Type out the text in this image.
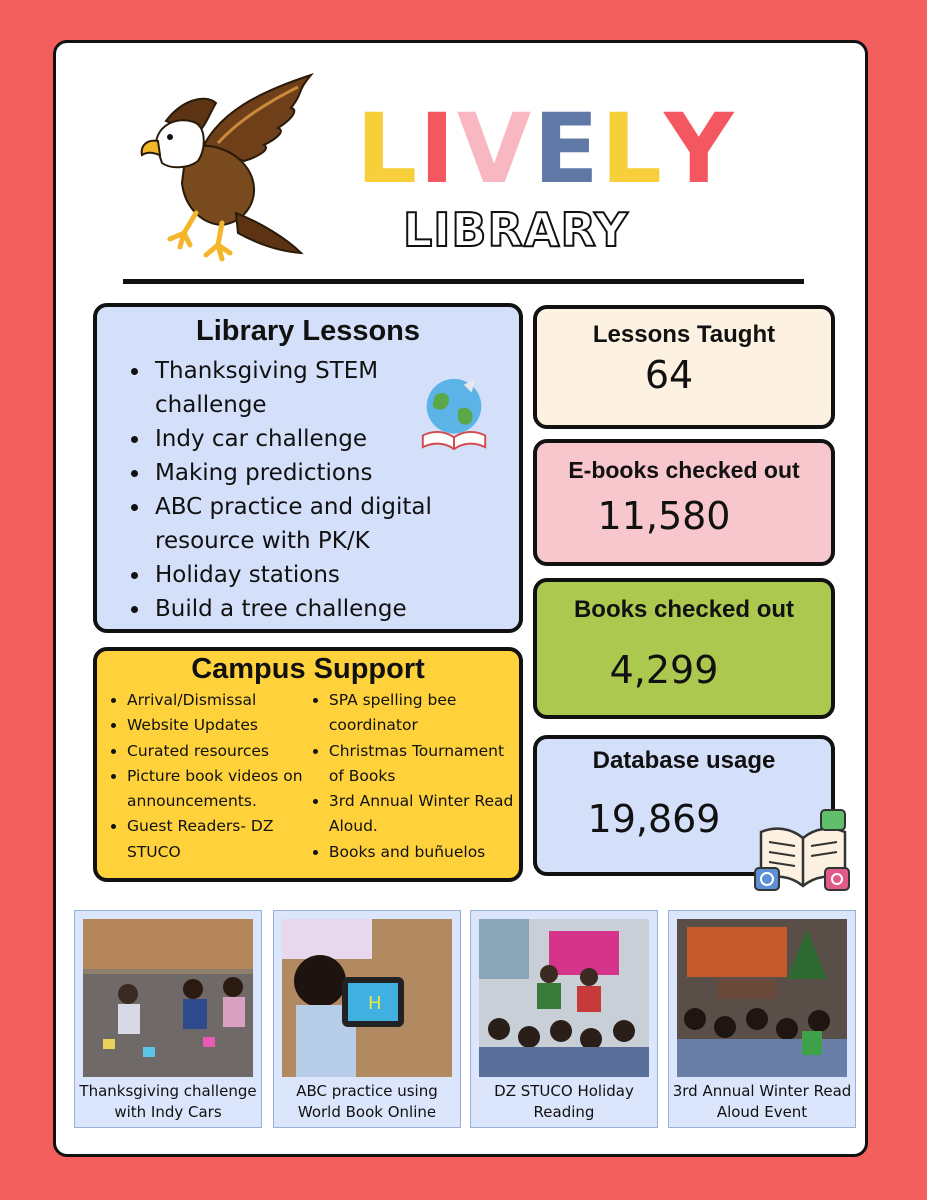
LIVELY
LIBRARY
Library Lessons
• Thanksgiving STEM challenge
• Indy car challenge
• Making predictions
• ABC practice and digital resource with PK/K
• Holiday stations
• Build a tree challenge
Campus Support
• Arrival/Dismissal
• Website Updates
• Curated resources
• Picture book videos on announcements.
• Guest Readers- DZ STUCO
• SPA spelling bee coordinator
• Christmas Tournament of Books
• 3rd Annual Winter Read Aloud.
• Books and buñuelos
Lessons Taught
64
E-books checked out
11,580
Books checked out
4,299
Database usage
19,869
Thanksgiving challenge with Indy Cars
H
ABC practice using World Book Online
DZ STUCO Holiday Reading
3rd Annual Winter Read Aloud Event
